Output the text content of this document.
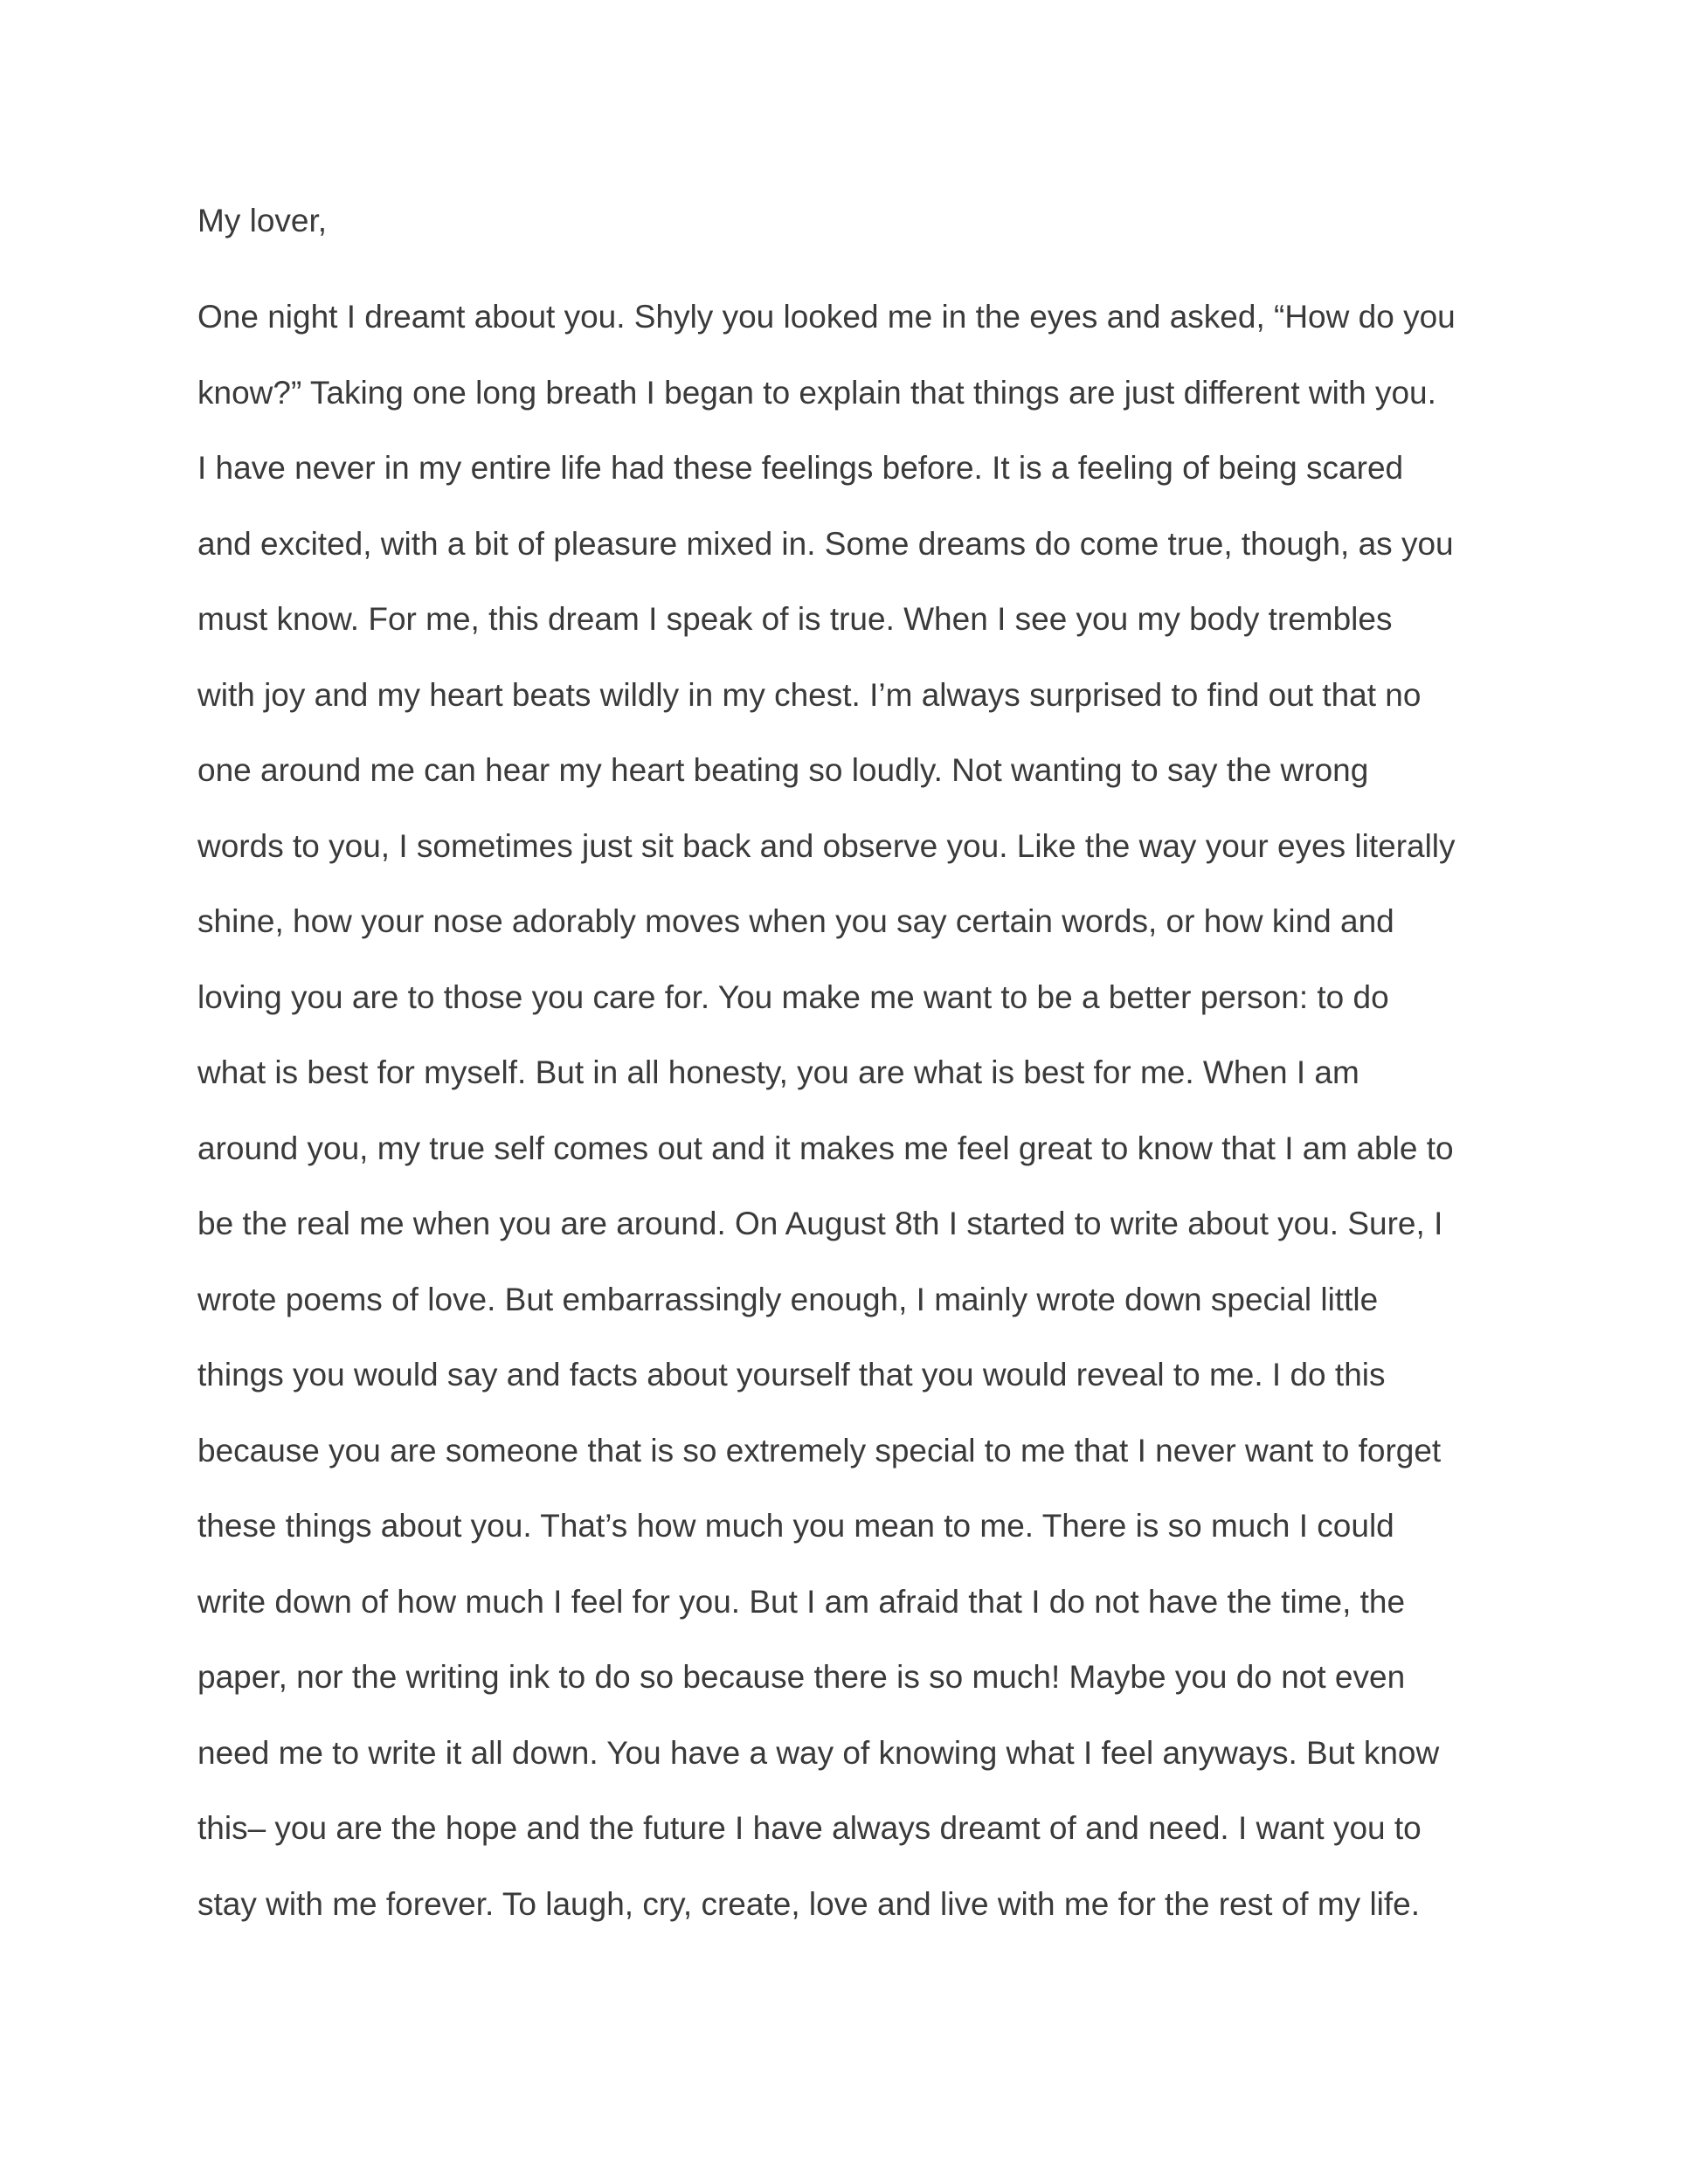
My lover,

One night I dreamt about you. Shyly you looked me in the eyes and asked, “How do you
know?” Taking one long breath I began to explain that things are just different with you.
I have never in my entire life had these feelings before. It is a feeling of being scared
and excited, with a bit of pleasure mixed in. Some dreams do come true, though, as you
must know. For me, this dream I speak of is true. When I see you my body trembles
with joy and my heart beats wildly in my chest. I’m always surprised to find out that no
one around me can hear my heart beating so loudly. Not wanting to say the wrong
words to you, I sometimes just sit back and observe you. Like the way your eyes literally
shine, how your nose adorably moves when you say certain words, or how kind and
loving you are to those you care for. You make me want to be a better person: to do
what is best for myself. But in all honesty, you are what is best for me. When I am
around you, my true self comes out and it makes me feel great to know that I am able to
be the real me when you are around. On August 8th I started to write about you. Sure, I
wrote poems of love. But embarrassingly enough, I mainly wrote down special little
things you would say and facts about yourself that you would reveal to me. I do this
because you are someone that is so extremely special to me that I never want to forget
these things about you. That’s how much you mean to me. There is so much I could
write down of how much I feel for you. But I am afraid that I do not have the time, the
paper, nor the writing ink to do so because there is so much! Maybe you do not even
need me to write it all down. You have a way of knowing what I feel anyways. But know
this– you are the hope and the future I have always dreamt of and need. I want you to
stay with me forever. To laugh, cry, create, love and live with me for the rest of my life.
